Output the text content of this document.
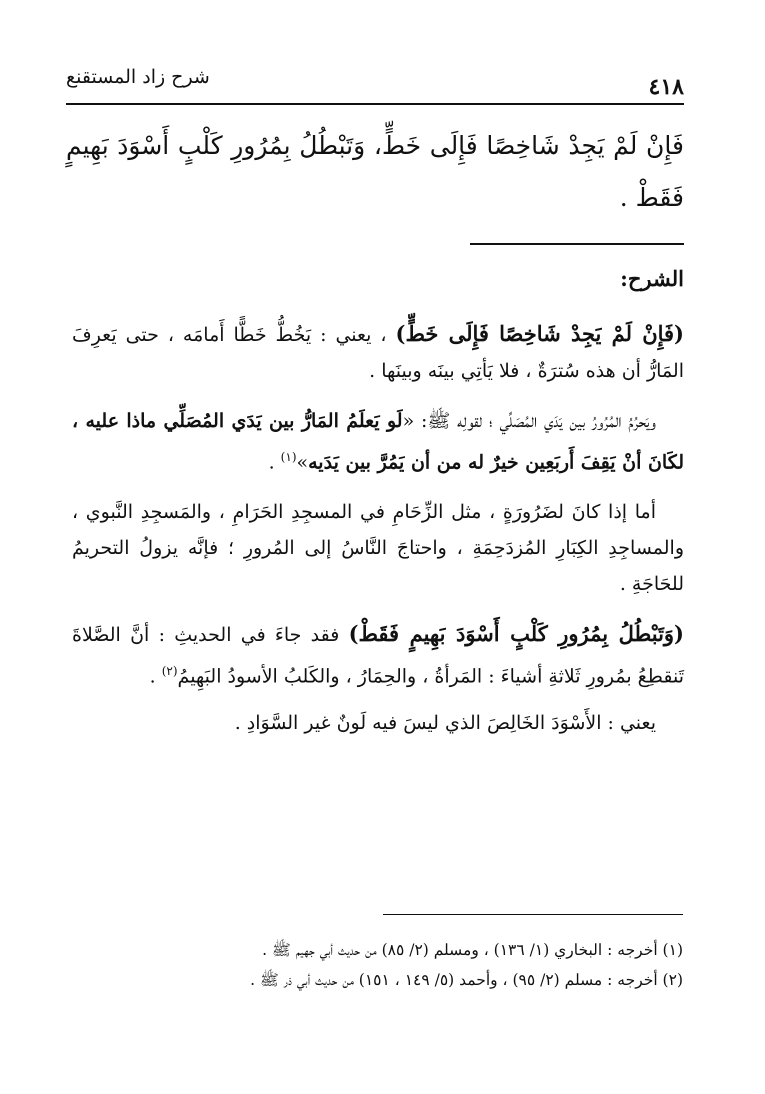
٤١٨
شرح زاد المستقنع
فَإِنْ لَمْ يَجِدْ شَاخِصًا فَإِلَى خَطٍّ، وَتَبْطُلُ بِمُرُورِ كَلْبٍ أَسْوَدَ بَهِيمٍ فَقَطْ .
الشرح:

(فَإِنْ لَمْ يَجِدْ شَاخِصًا فَإِلَى خَطٍّ) ، يعني : يَخُطُّ خَطًّا أَمامَه ، حتى يَعرِفَ المَارُّ أن هذه سُترَةٌ ، فلا يَأتِي بينَه وبينَها .

ويَحرُمُ المُرُورُ بين يَدَي المُصَلِّي ؛ لقولِه ﷺ: «لَو يَعلَمُ المَارُّ بين يَدَي المُصَلِّي ماذا عليه ، لكَانَ أنْ يَقِفَ أَربَعِين خيرٌ له من أن يَمُرَّ بين يَدَيه»$^{(١)}$ .

أما إذا كانَ لضَرُورَةٍ ، مثل الزِّحَامِ في المسجِدِ الحَرَامِ ، والمَسجِدِ النَّبوي ، والمساجِدِ الكِبَارِ المُزدَحِمَةِ ، واحتاجَ النَّاسُ إلى المُرورِ ؛ فإنَّه يزولُ التحريمُ للحَاجَةِ .

(وَتَبْطُلُ بِمُرُورِ كَلْبٍ أَسْوَدَ بَهِيمٍ فَقَطْ) فقد جاءَ في الحديثِ : أنَّ الصَّلاةَ تَنقطِعُ بمُرورِ ثَلاثةِ أشياءَ : المَرأةُ ، والحِمَارُ ، والكَلبُ الأسودُ البَهِيمُ$^{(٢)}$ .

يعني : الأَسْوَدَ الخَالِصَ الذي ليسَ فيه لَونٌ غير السَّوَادِ .

(١) أخرجه : البخاري (١/ ١٣٦) ، ومسلم (٢/ ٨٥) من حديث أبي جهيم ﷺ .

(٢) أخرجه : مسلم (٢/ ٩٥) ، وأحمد (٥/ ١٤٩ ، ١٥١) من حديث أبي ذر ﷺ .
